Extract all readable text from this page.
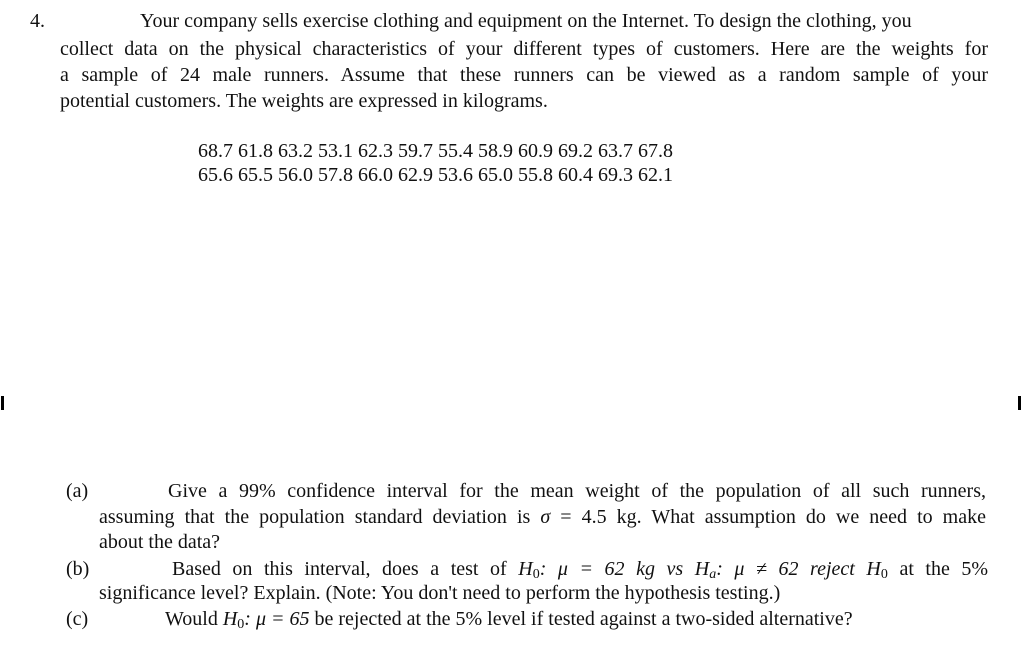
4.	Your company sells exercise clothing and equipment on the Internet. To design the clothing, you
collect data on the physical characteristics of your different types of customers. Here are the weights for
a sample of 24 male runners. Assume that these runners can be viewed as a random sample of your
potential customers. The weights are expressed in kilograms.
68.7 61.8 63.2 53.1 62.3 59.7 55.4 58.9 60.9 69.2 63.7 67.8
65.6 65.5 56.0 57.8 66.0 62.9 53.6 65.0 55.8 60.4 69.3 62.1
(a)	Give a 99% confidence interval for the mean weight of the population of all such runners,
assuming that the population standard deviation is σ = 4.5 kg. What assumption do we need to make
about the data?
(b)	Based on this interval, does a test of $H_0$: μ = 62 kg vs $H_a$: μ ≠ 62 reject $H_0$ at the 5%
significance level? Explain. (Note: You don't need to perform the hypothesis testing.)
(c)	Would $H_0$: μ = 65 be rejected at the 5% level if tested against a two-sided alternative?
